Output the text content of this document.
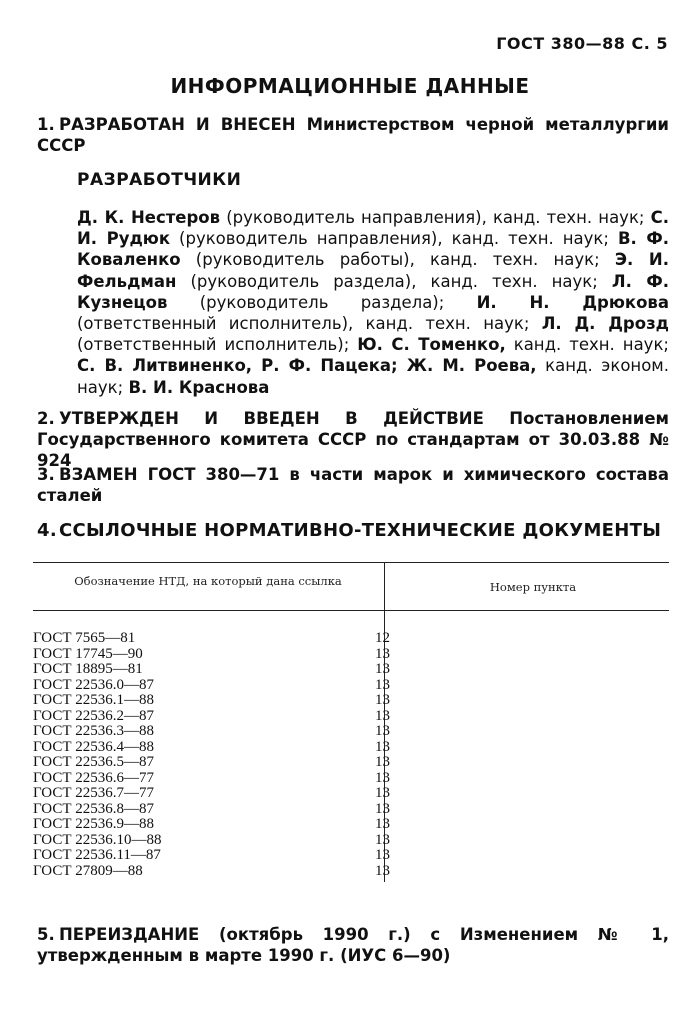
ГОСТ 380—88 С. 5
ИНФОРМАЦИОННЫЕ ДАННЫЕ
1. РАЗРАБОТАН И ВНЕСЕН Министерством черной металлургии СССР
РАЗРАБОТЧИКИ
Д. К. Нестеров (руководитель направления), канд. техн. наук; С. И. Рудюк (руководитель направления), канд. техн. наук; В. Ф. Коваленко (руководитель работы), канд. техн. наук; Э. И. Фельдман (руководитель раздела), канд. техн. наук; Л. Ф. Кузнецов (руководитель раздела); И. Н. Дрюкова (ответственный исполнитель), канд. техн. наук; Л. Д. Дрозд (ответственный исполнитель); Ю. С. Томенко, канд. техн. наук; С. В. Литвиненко, Р. Ф. Пацека; Ж. М. Роева, канд. эконом. наук; В. И. Краснова
2. УТВЕРЖДЕН И ВВЕДЕН В ДЕЙСТВИЕ Постановлением Государственного комитета СССР по стандартам от 30.03.88 № 924
3. ВЗАМЕН ГОСТ 380—71 в части марок и химического состава сталей
4. ССЫЛОЧНЫЕ НОРМАТИВНО-ТЕХНИЧЕСКИЕ ДОКУМЕНТЫ
Обозначение НТД, на который дана ссылка	Номер пункта
ГОСТ 7565—81	12
ГОСТ 17745—90	13
ГОСТ 18895—81	13
ГОСТ 22536.0—87	13
ГОСТ 22536.1—88	13
ГОСТ 22536.2—87	13
ГОСТ 22536.3—88	13
ГОСТ 22536.4—88	13
ГОСТ 22536.5—87	13
ГОСТ 22536.6—77	13
ГОСТ 22536.7—77	13
ГОСТ 22536.8—87	13
ГОСТ 22536.9—88	13
ГОСТ 22536.10—88	13
ГОСТ 22536.11—87	13
ГОСТ 27809—88	13
5. ПЕРЕИЗДАНИЕ (октябрь 1990 г.) с Изменением № 1, утвержденным в марте 1990 г. (ИУС 6—90)
